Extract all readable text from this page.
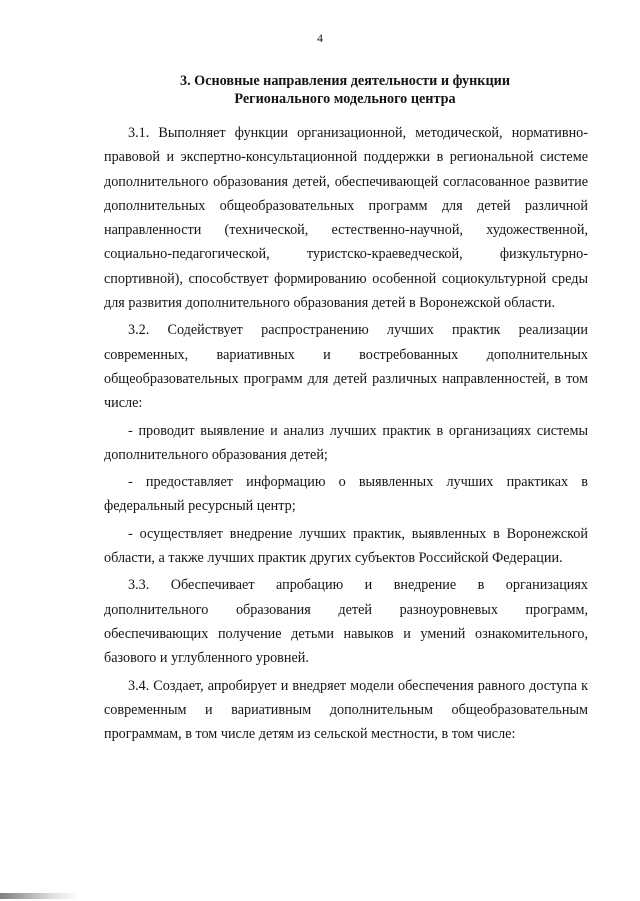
4
3. Основные направления деятельности и функции
Регионального модельного центра

3.1. Выполняет функции организационной, методической, нормативно-правовой и экспертно-консультационной поддержки в региональной системе дополнительного образования детей, обеспечивающей согласованное развитие дополнительных общеобразовательных программ для детей различной направленности (технической, естественно-научной, художественной, социально-педагогической, туристско-краеведческой, физкультурно-спортивной), способствует формированию особенной социокультурной среды для развития дополнительного образования детей в Воронежской области.

3.2. Содействует распространению лучших практик реализации современных, вариативных и востребованных дополнительных общеобразовательных программ для детей различных направленностей, в том числе:

- проводит выявление и анализ лучших практик в организациях системы дополнительного образования детей;

- предоставляет информацию о выявленных лучших практиках в федеральный ресурсный центр;

- осуществляет внедрение лучших практик, выявленных в Воронежской области, а также лучших практик других субъектов Российской Федерации.

3.3. Обеспечивает апробацию и внедрение в организациях дополнительного образования детей разноуровневых программ, обеспечивающих получение детьми навыков и умений ознакомительного, базового и углубленного уровней.

3.4. Создает, апробирует и внедряет модели обеспечения равного доступа к современным и вариативным дополнительным общеобразовательным программам, в том числе детям из сельской местности, в том числе:
